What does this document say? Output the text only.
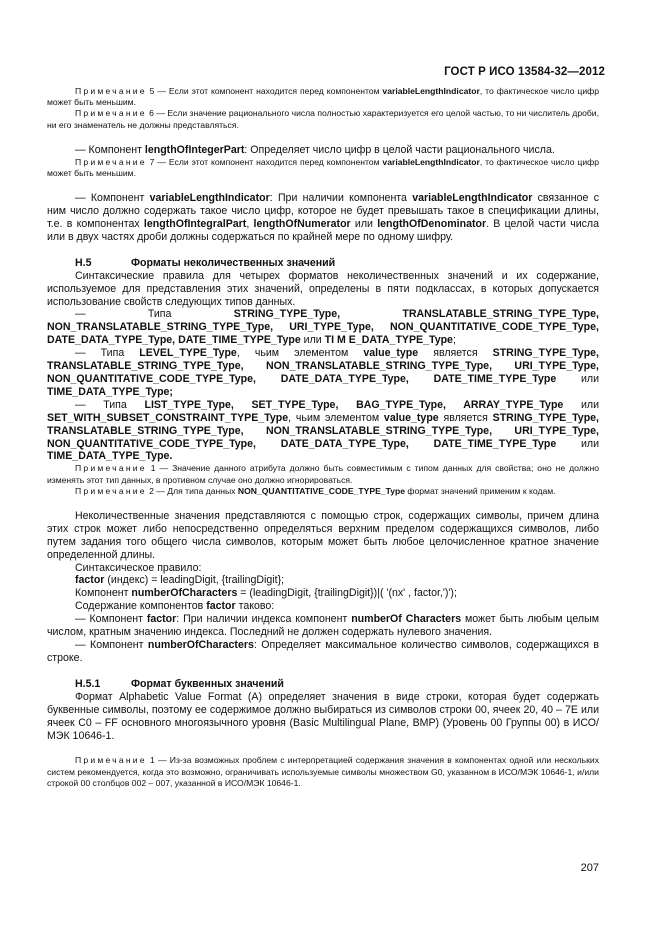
ГОСТ Р ИСО 13584-32—2012

Примечание 5 — Если этот компонент находится перед компонентом variableLengthIndicator, то фактическое число цифр может быть меньшим.

Примечание 6 — Если значение рационального числа полностью характеризуется его целой частью, то ни числитель дроби, ни его знаменатель не должны представляться.

— Компонент lengthOfIntegerPart: Определяет число цифр в целой части рационального числа.

Примечание 7 — Если этот компонент находится перед компонентом variableLengthIndicator, то фактическое число цифр может быть меньшим.

— Компонент variableLengthIndicator: При наличии компонента variableLengthIndicator связанное с ним число должно содержать такое число цифр, которое не будет превышать такое в спецификации длины, т.е. в компонентах lengthOfIntegralPart, lengthOfNumerator или lengthOfDenominator. В целой части числа или в двух частях дроби должны содержаться по крайней мере по одному шифру.

H.5	Форматы неколичественных значений

Синтаксические правила для четырех форматов неколичественных значений и их содержание, используемое для представления этих значений, определены в пяти подклассах, в которых допускается использование свойств следующих типов данных.

— Типа STRING_TYPE_Type, TRANSLATABLE_STRING_TYPE_Type, NON_TRANSLATABLE_STRING_TYPE_Type, URI_TYPE_Type, NON_QUANTITATIVE_CODE_TYPE_Type, DATE_DATA_TYPE_Type, DATE_TIME_TYPE_Type или TI M E_DATA_TYPE_Type;

— Типа LEVEL_TYPE_Type, чьим элементом value_type является STRING_TYPE_Type, TRANSLATABLE_STRING_TYPE_Type, NON_TRANSLATABLE_STRING_TYPE_Type, URI_TYPE_Type, NON_QUANTITATIVE_CODE_TYPE_Type, DATE_DATA_TYPE_Type, DATE_TIME_TYPE_Type или TIME_DATA_TYPE_Type;

— Типа LIST_TYPE_Type, SET_TYPE_Type, BAG_TYPE_Type, ARRAY_TYPE_Type или SET_WITH_SUBSET_CONSTRAINT_TYPE_Type, чьим элементом value_type является STRING_TYPE_Type, TRANSLATABLE_STRING_TYPE_Type, NON_TRANSLATABLE_STRING_TYPE_Type, URI_TYPE_Type, NON_QUANTITATIVE_CODE_TYPE_Type, DATE_DATA_TYPE_Type, DATE_TIME_TYPE_Type или TIME_DATA_TYPE_Type.

Примечание 1 — Значение данного атрибута должно быть совместимым с типом данных для свойства; оно не должно изменять этот тип данных, в противном случае оно должно игнорироваться.

Примечание 2 — Для типа данных NON_QUANTITATIVE_CODE_TYPE_Type формат значений применим к кодам.

Неколичественные значения представляются с помощью строк, содержащих символы, причем длина этих строк может либо непосредственно определяться верхним пределом содержащихся символов, либо путем задания того общего числа символов, которым может быть любое целочисленное кратное значение определенной длины.

Синтаксическое правило:

factor (индекс) = leadingDigit, {trailingDigit};

Компонент numberOfCharacters = (leadingDigit, {trailingDigit})|( '(nx' , factor,')');

Содержание компонентов factor таково:

— Компонент factor: При наличии индекса компонент numberOf Characters может быть любым целым числом, кратным значению индекса. Последний не должен содержать нулевого значения.

— Компонент numberOfCharacters: Определяет максимальное количество символов, содержащихся в строке.

H.5.1	Формат буквенных значений

Формат Alphabetic Value Format (A) определяет значения в виде строки, которая будет содержать буквенные символы, поэтому ее содержимое должно выбираться из символов строки 00, ячеек 20, 40 – 7E или ячеек C0 – FF основного многоязычного уровня (Basic Multilingual Plane, BMP) (Уровень 00 Группы 00) в ИСО/МЭК 10646-1.

Примечание 1 — Из-за возможных проблем с интерпретацией содержания значения в компонентах одной или нескольких систем рекомендуется, когда это возможно, ограничивать используемые символы множеством G0, указанном в ИСО/МЭК 10646-1, и/или строкой 00 столбцов 002 – 007, указанной в ИСО/МЭК 10646-1.

207
